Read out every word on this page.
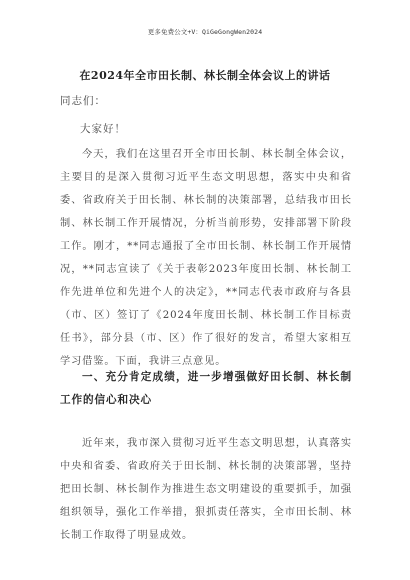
更多免费公文+V：QiGeGongWen2024
在2024年全市田长制、林长制全体会议上的讲话
同志们：
大家好！

今天，我们在这里召开全市田长制、林长制全体会议，主要目的是深入贯彻习近平生态文明思想，落实中央和省委、省政府关于田长制、林长制的决策部署，总结我市田长制、林长制工作开展情况，分析当前形势，安排部署下阶段工作。刚才，**同志通报了全市田长制、林长制工作开展情况，**同志宣读了《关于表彰2023年度田长制、林长制工作先进单位和先进个人的决定》，**同志代表市政府与各县（市、区）签订了《2024年度田长制、林长制工作目标责任书》，部分县（市、区）作了很好的发言，希望大家相互学习借鉴。下面，我讲三点意见。

一、充分肯定成绩，进一步增强做好田长制、林长制工作的信心和决心

近年来，我市深入贯彻习近平生态文明思想，认真落实中央和省委、省政府关于田长制、林长制的决策部署，坚持把田长制、林长制作为推进生态文明建设的重要抓手，加强组织领导，强化工作举措，狠抓责任落实，全市田长制、林长制工作取得了明显成效。
